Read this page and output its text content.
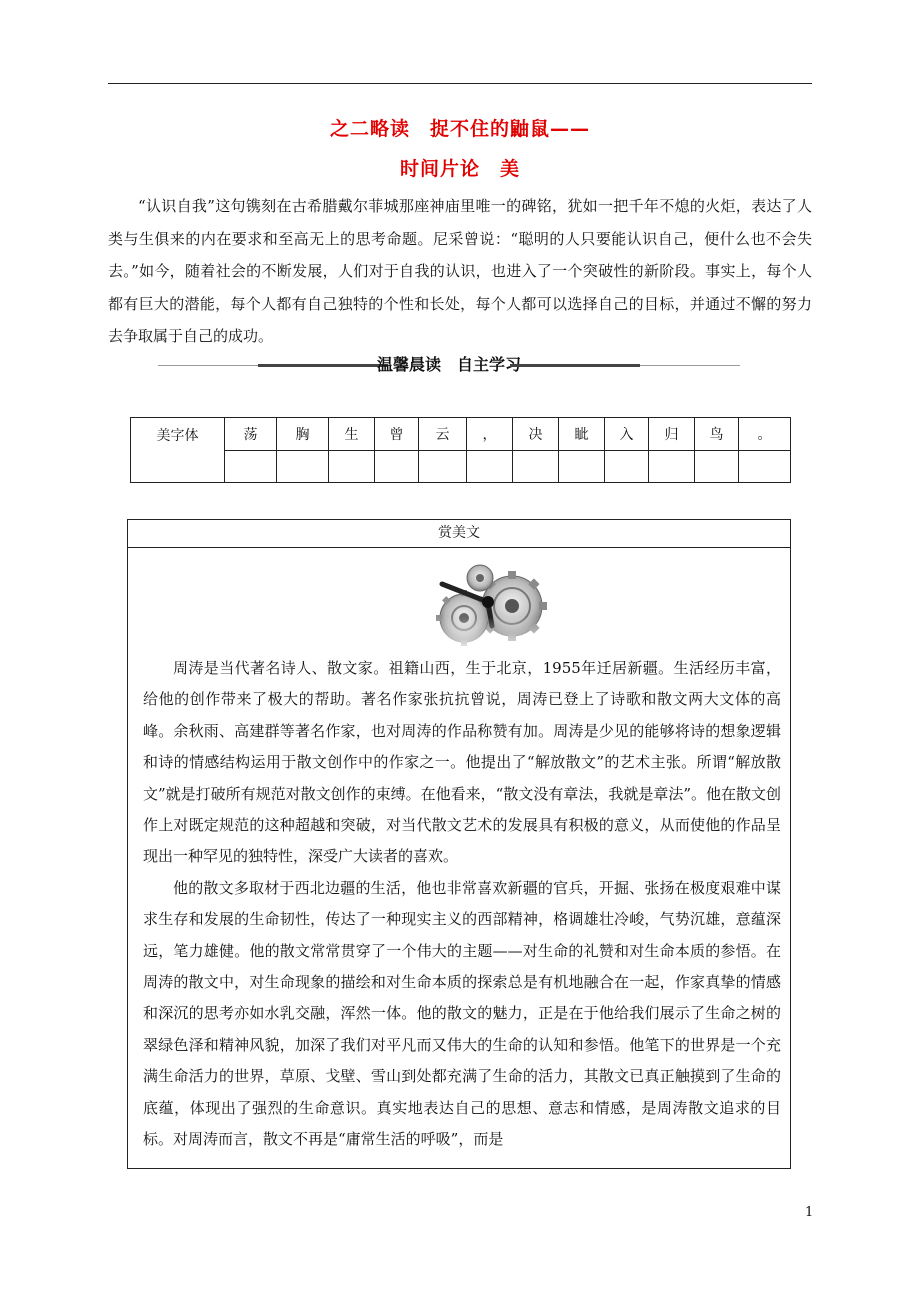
之二略读　捉不住的鼬鼠——
时间片论　美

“认识自我”这句镌刻在古希腊戴尔菲城那座神庙里唯一的碑铭，犹如一把千年不熄的火炬，表达了人类与生俱来的内在要求和至高无上的思考命题。尼采曾说：“聪明的人只要能认识自己，便什么也不会失去。”如今，随着社会的不断发展，人们对于自我的认识，也进入了一个突破性的新阶段。事实上，每个人都有巨大的潜能，每个人都有自己独特的个性和长处，每个人都可以选择自己的目标，并通过不懈的努力去争取属于自己的成功。

温馨晨读　自主学习
美字体	荡	胸	生	曾	云	，	决	眦	入	归	鸟	。

赏美文

周涛是当代著名诗人、散文家。祖籍山西，生于北京，1955年迁居新疆。生活经历丰富，给他的创作带来了极大的帮助。著名作家张抗抗曾说，周涛已登上了诗歌和散文两大文体的高峰。余秋雨、高建群等著名作家，也对周涛的作品称赞有加。周涛是少见的能够将诗的想象逻辑和诗的情感结构运用于散文创作中的作家之一。他提出了“解放散文”的艺术主张。所谓“解放散文”就是打破所有规范对散文创作的束缚。在他看来，“散文没有章法，我就是章法”。他在散文创作上对既定规范的这种超越和突破，对当代散文艺术的发展具有积极的意义，从而使他的作品呈现出一种罕见的独特性，深受广大读者的喜欢。

他的散文多取材于西北边疆的生活，他也非常喜欢新疆的官兵，开掘、张扬在极度艰难中谋求生存和发展的生命韧性，传达了一种现实主义的西部精神，格调雄壮冷峻，气势沉雄，意蕴深远，笔力雄健。他的散文常常贯穿了一个伟大的主题——对生命的礼赞和对生命本质的参悟。在周涛的散文中，对生命现象的描绘和对生命本质的探索总是有机地融合在一起，作家真挚的情感和深沉的思考亦如水乳交融，浑然一体。他的散文的魅力，正是在于他给我们展示了生命之树的翠绿色泽和精神风貌，加深了我们对平凡而又伟大的生命的认知和参悟。他笔下的世界是一个充满生命活力的世界，草原、戈壁、雪山到处都充满了生命的活力，其散文已真正触摸到了生命的底蕴，体现出了强烈的生命意识。真实地表达自己的思想、意志和情感，是周涛散文追求的目标。对周涛而言，散文不再是“庸常生活的呼吸”，而是

1
